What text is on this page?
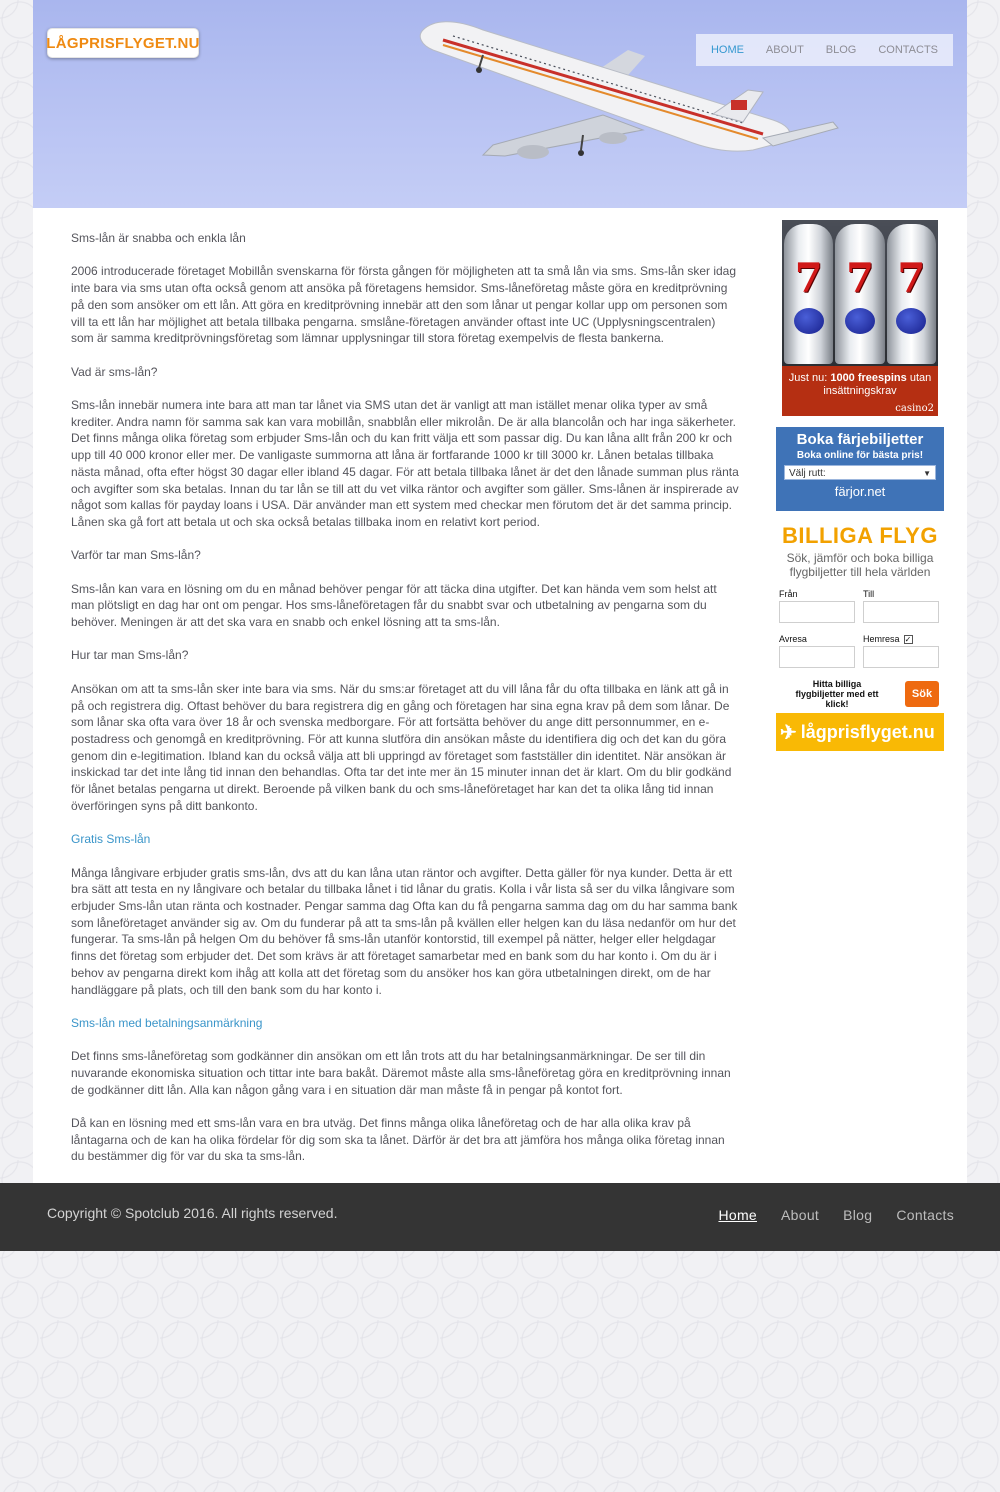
LÅGPRISFLYGET.NU	HOME ABOUT BLOG CONTACTS

Sms-lån är snabba och enkla lån

2006 introducerade företaget Mobillån svenskarna för första gången för möjligheten att ta små lån via sms. Sms-lån sker idag inte bara via sms utan ofta också genom att ansöka på företagens hemsidor. Sms-låneföretag måste göra en kreditprövning på den som ansöker om ett lån. Att göra en kreditprövning innebär att den som lånar ut pengar kollar upp om personen som vill ta ett lån har möjlighet att betala tillbaka pengarna. smslåne-företagen använder oftast inte UC (Upplysningscentralen) som är samma kreditprövningsföretag som lämnar upplysningar till stora företag exempelvis de flesta bankerna.

Vad är sms-lån?

Sms-lån innebär numera inte bara att man tar lånet via SMS utan det är vanligt att man istället menar olika typer av små krediter. Andra namn för samma sak kan vara mobillån, snabblån eller mikrolån. De är alla blancolån och har inga säkerheter. Det finns många olika företag som erbjuder Sms-lån och du kan fritt välja ett som passar dig. Du kan låna allt från 200 kr och upp till 40 000 kronor eller mer. De vanligaste summorna att låna är fortfarande 1000 kr till 3000 kr. Lånen betalas tillbaka nästa månad, ofta efter högst 30 dagar eller ibland 45 dagar. För att betala tillbaka lånet är det den lånade summan plus ränta och avgifter som ska betalas. Innan du tar lån se till att du vet vilka räntor och avgifter som gäller. Sms-lånen är inspirerade av något som kallas för payday loans i USA. Där använder man ett system med checkar men förutom det är det samma princip. Lånen ska gå fort att betala ut och ska också betalas tillbaka inom en relativt kort period.

Varför tar man Sms-lån?

Sms-lån kan vara en lösning om du en månad behöver pengar för att täcka dina utgifter. Det kan hända vem som helst att man plötsligt en dag har ont om pengar. Hos sms-låneföretagen får du snabbt svar och utbetalning av pengarna som du behöver. Meningen är att det ska vara en snabb och enkel lösning att ta sms-lån.

Hur tar man Sms-lån?

Ansökan om att ta sms-lån sker inte bara via sms. När du sms:ar företaget att du vill låna får du ofta tillbaka en länk att gå in på och registrera dig. Oftast behöver du bara registrera dig en gång och företagen har sina egna krav på dem som lånar. De som lånar ska ofta vara över 18 år och svenska medborgare. För att fortsätta behöver du ange ditt personnummer, en e-postadress och genomgå en kreditprövning. För att kunna slutföra din ansökan måste du identifiera dig och det kan du göra genom din e-legitimation. Ibland kan du också välja att bli uppringd av företaget som fastställer din identitet. När ansökan är inskickad tar det inte lång tid innan den behandlas. Ofta tar det inte mer än 15 minuter innan det är klart. Om du blir godkänd för lånet betalas pengarna ut direkt. Beroende på vilken bank du och sms-låneföretaget har kan det ta olika lång tid innan överföringen syns på ditt bankonto.

Gratis Sms-lån

Många långivare erbjuder gratis sms-lån, dvs att du kan låna utan räntor och avgifter. Detta gäller för nya kunder. Detta är ett bra sätt att testa en ny långivare och betalar du tillbaka lånet i tid lånar du gratis. Kolla i vår lista så ser du vilka långivare som erbjuder Sms-lån utan ränta och kostnader. Pengar samma dag Ofta kan du få pengarna samma dag om du har samma bank som låneföretaget använder sig av. Om du funderar på att ta sms-lån på kvällen eller helgen kan du läsa nedanför om hur det fungerar. Ta sms-lån på helgen Om du behöver få sms-lån utanför kontorstid, till exempel på nätter, helger eller helgdagar finns det företag som erbjuder det. Det som krävs är att företaget samarbetar med en bank som du har konto i. Om du är i behov av pengarna direkt kom ihåg att kolla att det företag som du ansöker hos kan göra utbetalningen direkt, om de har handläggare på plats, och till den bank som du har konto i.

Sms-lån med betalningsanmärkning

Det finns sms-låneföretag som godkänner din ansökan om ett lån trots att du har betalningsanmärkningar. De ser till din nuvarande ekonomiska situation och tittar inte bara bakåt. Däremot måste alla sms-låneföretag göra en kreditprövning innan de godkänner ditt lån. Alla kan någon gång vara i en situation där man måste få in pengar på kontot fort.

Då kan en lösning med ett sms-lån vara en bra utväg. Det finns många olika låneföretag och de har alla olika krav på låntagarna och de kan ha olika fördelar för dig som ska ta lånet. Därför är det bra att jämföra hos många olika företag innan du bestämmer dig för var du ska ta sms-lån.

7 7 7
Just nu: 1000 freespins utan insättningskrav
casino2
Boka färjebiljetter
Boka online för bästa pris!
Välj rutt:	▼
färjor.net
BILLIGA FLYG
Sök, jämför och boka billiga flygbiljetter till hela världen
Från	Till
Avresa	Hemresa ✓
Hitta billiga flygbiljetter med ett klick!
Sök
✈ lågprisflyget.nu
Copyright © Spotclub 2016. All rights reserved.	Home About Blog Contacts
